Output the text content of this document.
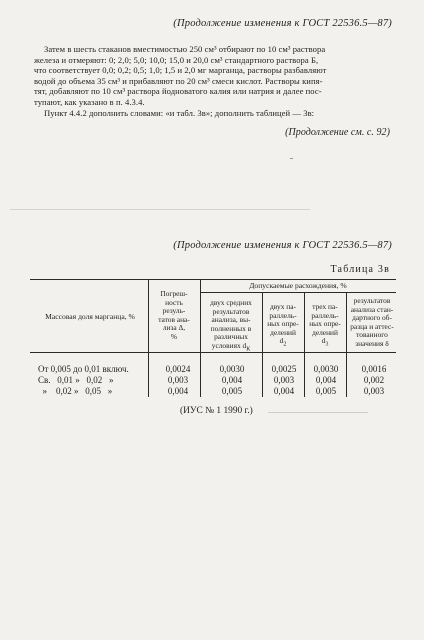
(Продолжение изменения к ГОСТ 22536.5—87)
Затем в шесть стаканов вместимостью 250 см³ отбирают по 10 см³ раствора
железа и отмеряют: 0; 2,0; 5,0; 10,0; 15,0 и 20,0 см³ стандартного раствора Б,
что соответствует 0,0; 0,2; 0,5; 1,0; 1,5 и 2,0 мг марганца, растворы разбавляют
водой до объема 35 см³ и прибавляют по 20 см³ смеси кислот. Растворы кипя-
тят, добавляют по 10 см³ раствора йодноватого калия или натрия и далее пос-
тупают, как указано в п. 4.3.4.
Пункт 4.4.2 дополнить словами: «и табл. 3в»; дополнить таблицей — 3в:
(Продолжение см. с. 92)
(Продолжение изменения к ГОСТ 22536.5—87)
Таблица 3в
Массовая доля марганца, %
Погреш-
ность
резуль-
татов ана-
лиза Δ,
%
Допускаемые расхождения, %
двух средних
результатов
анализа, вы-
полненных в
различных
условиях $d_К$
двух па-
раллель-
ных опре-
делений
$d_2$
трех па-
раллель-
ных опре-
делений
$d_3$
результатов
анализа стан-
дартного об-
разца и аттес-
тованного
значения δ
От 0,005 до 0,01 включ.
Св.   0,01 »   0,02   »
»    0,02 »   0,05   »
0,0024
0,003
0,004
0,0030
0,004
0,005
0,0025
0,003
0,004
0,0030
0,004
0,005
0,0016
0,002
0,003
(ИУС № 1 1990 г.)
